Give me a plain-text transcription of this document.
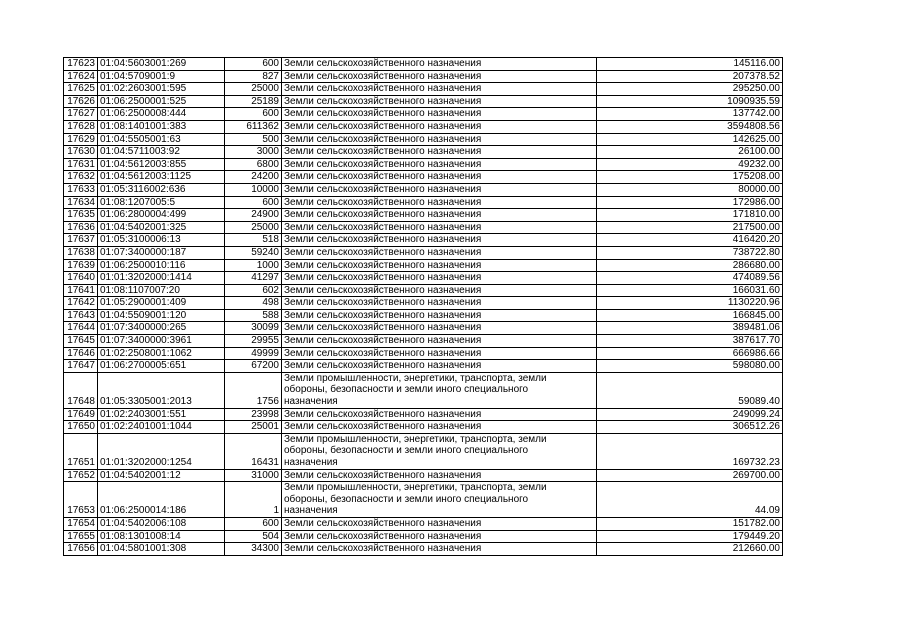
17623	01:04:5603001:269	600	Земли сельскохозяйственного назначения	145116.00
17624	01:04:5709001:9	827	Земли сельскохозяйственного назначения	207378.52
17625	01:02:2603001:595	25000	Земли сельскохозяйственного назначения	295250.00
17626	01:06:2500001:525	25189	Земли сельскохозяйственного назначения	1090935.59
17627	01:06:2500008:444	600	Земли сельскохозяйственного назначения	137742.00
17628	01:08:1401001:383	611362	Земли сельскохозяйственного назначения	3594808.56
17629	01:04:5505001:63	500	Земли сельскохозяйственного назначения	142625.00
17630	01:04:5711003:92	3000	Земли сельскохозяйственного назначения	26100.00
17631	01:04:5612003:855	6800	Земли сельскохозяйственного назначения	49232.00
17632	01:04:5612003:1125	24200	Земли сельскохозяйственного назначения	175208.00
17633	01:05:3116002:636	10000	Земли сельскохозяйственного назначения	80000.00
17634	01:08:1207005:5	600	Земли сельскохозяйственного назначения	172986.00
17635	01:06:2800004:499	24900	Земли сельскохозяйственного назначения	171810.00
17636	01:04:5402001:325	25000	Земли сельскохозяйственного назначения	217500.00
17637	01:05:3100006:13	518	Земли сельскохозяйственного назначения	416420.20
17638	01:07:3400000:187	59240	Земли сельскохозяйственного назначения	738722.80
17639	01:06:2500010:116	1000	Земли сельскохозяйственного назначения	286680.00
17640	01:01:3202000:1414	41297	Земли сельскохозяйственного назначения	474089.56
17641	01:08:1107007:20	602	Земли сельскохозяйственного назначения	166031.60
17642	01:05:2900001:409	498	Земли сельскохозяйственного назначения	1130220.96
17643	01:04:5509001:120	588	Земли сельскохозяйственного назначения	166845.00
17644	01:07:3400000:265	30099	Земли сельскохозяйственного назначения	389481.06
17645	01:07:3400000:3961	29955	Земли сельскохозяйственного назначения	387617.70
17646	01:02:2508001:1062	49999	Земли сельскохозяйственного назначения	666986.66
17647	01:06:2700005:651	67200	Земли сельскохозяйственного назначения	598080.00
17648	01:05:3305001:2013	1756	Земли промышленности, энергетики, транспорта, земли
обороны, безопасности и земли иного специального
назначения	59089.40
17649	01:02:2403001:551	23998	Земли сельскохозяйственного назначения	249099.24
17650	01:02:2401001:1044	25001	Земли сельскохозяйственного назначения	306512.26
17651	01:01:3202000:1254	16431	Земли промышленности, энергетики, транспорта, земли
обороны, безопасности и земли иного специального
назначения	169732.23
17652	01:04:5402001:12	31000	Земли сельскохозяйственного назначения	269700.00
17653	01:06:2500014:186	1	Земли промышленности, энергетики, транспорта, земли
обороны, безопасности и земли иного специального
назначения	44.09
17654	01:04:5402006:108	600	Земли сельскохозяйственного назначения	151782.00
17655	01:08:1301008:14	504	Земли сельскохозяйственного назначения	179449.20
17656	01:04:5801001:308	34300	Земли сельскохозяйственного назначения	212660.00
